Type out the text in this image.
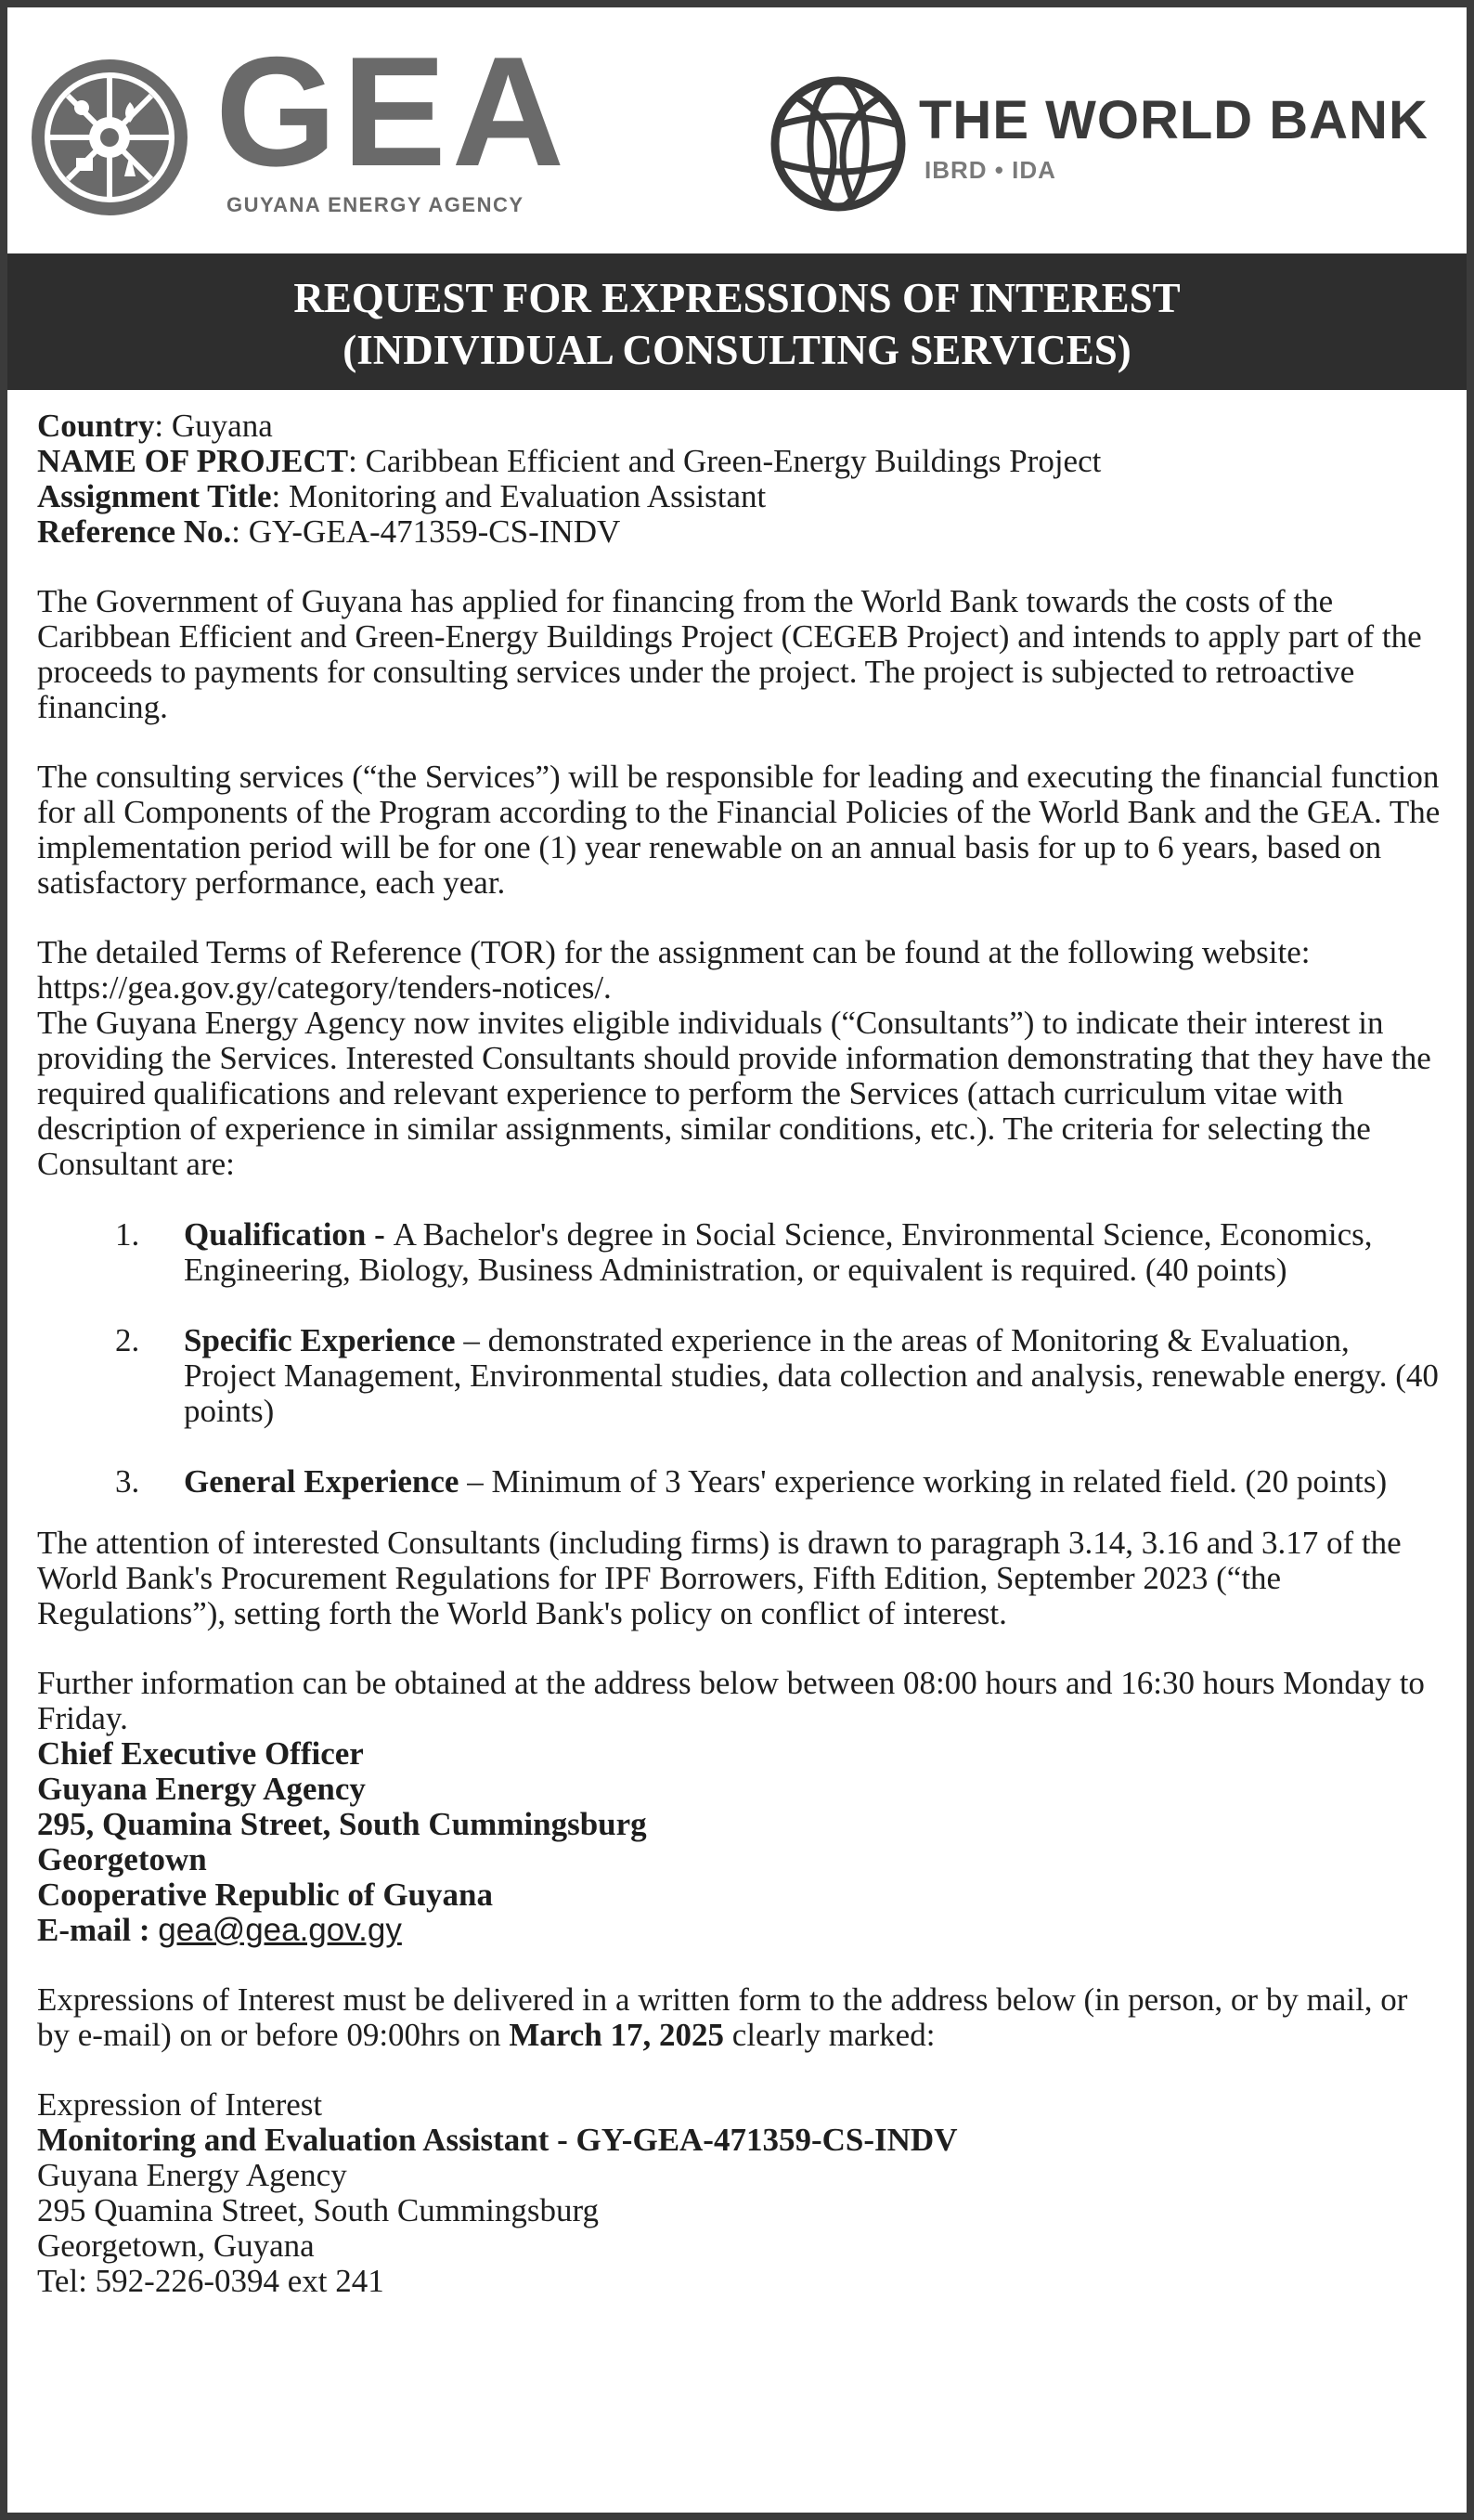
GEA
GUYANA ENERGY AGENCY
THE WORLD BANK
IBRD • IDA
REQUEST FOR EXPRESSIONS OF INTEREST
(INDIVIDUAL CONSULTING SERVICES)
Country: Guyana
NAME OF PROJECT: Caribbean Efficient and Green-Energy Buildings Project
Assignment Title: Monitoring and Evaluation Assistant
Reference No.: GY-GEA-471359-CS-INDV

The Government of Guyana has applied for financing from the World Bank towards the costs of the Caribbean Efficient and Green-Energy Buildings Project (CEGEB Project) and intends to apply part of the proceeds to payments for consulting services under the project. The project is subjected to retroactive financing.

The consulting services (“the Services”) will be responsible for leading and executing the financial function for all Components of the Program according to the Financial Policies of the World Bank and the GEA. The implementation period will be for one (1) year renewable on an annual basis for up to 6 years, based on satisfactory performance, each year.

The detailed Terms of Reference (TOR) for the assignment can be found at the following website: https://gea.gov.gy/category/tenders-notices/.

The Guyana Energy Agency now invites eligible individuals (“Consultants”) to indicate their interest in providing the Services. Interested Consultants should provide information demonstrating that they have the required qualifications and relevant experience to perform the Services (attach curriculum vitae with description of experience in similar assignments, similar conditions, etc.). The criteria for selecting the Consultant are:

1.	Qualification - A Bachelor's degree in Social Science, Environmental Science, Economics, Engineering, Biology, Business Administration, or equivalent is required. (40 points)
2.	Specific Experience – demonstrated experience in the areas of Monitoring & Evaluation, Project Management, Environmental studies, data collection and analysis, renewable energy. (40 points)
3.	General Experience – Minimum of 3 Years' experience working in related field. (20 points)

The attention of interested Consultants (including firms) is drawn to paragraph 3.14, 3.16 and 3.17 of the World Bank's Procurement Regulations for IPF Borrowers, Fifth Edition, September 2023 (“the Regulations”), setting forth the World Bank's policy on conflict of interest.

Further information can be obtained at the address below between 08:00 hours and 16:30 hours Monday to Friday.

Chief Executive Officer
Guyana Energy Agency
295, Quamina Street, South Cummingsburg
Georgetown
Cooperative Republic of Guyana
E-mail : gea@gea.gov.gy

Expressions of Interest must be delivered in a written form to the address below (in person, or by mail, or by e-mail) on or before 09:00hrs on March 17, 2025 clearly marked:

Expression of Interest
Monitoring and Evaluation Assistant - GY-GEA-471359-CS-INDV
Guyana Energy Agency
295 Quamina Street, South Cummingsburg
Georgetown, Guyana
Tel: 592-226-0394 ext 241
